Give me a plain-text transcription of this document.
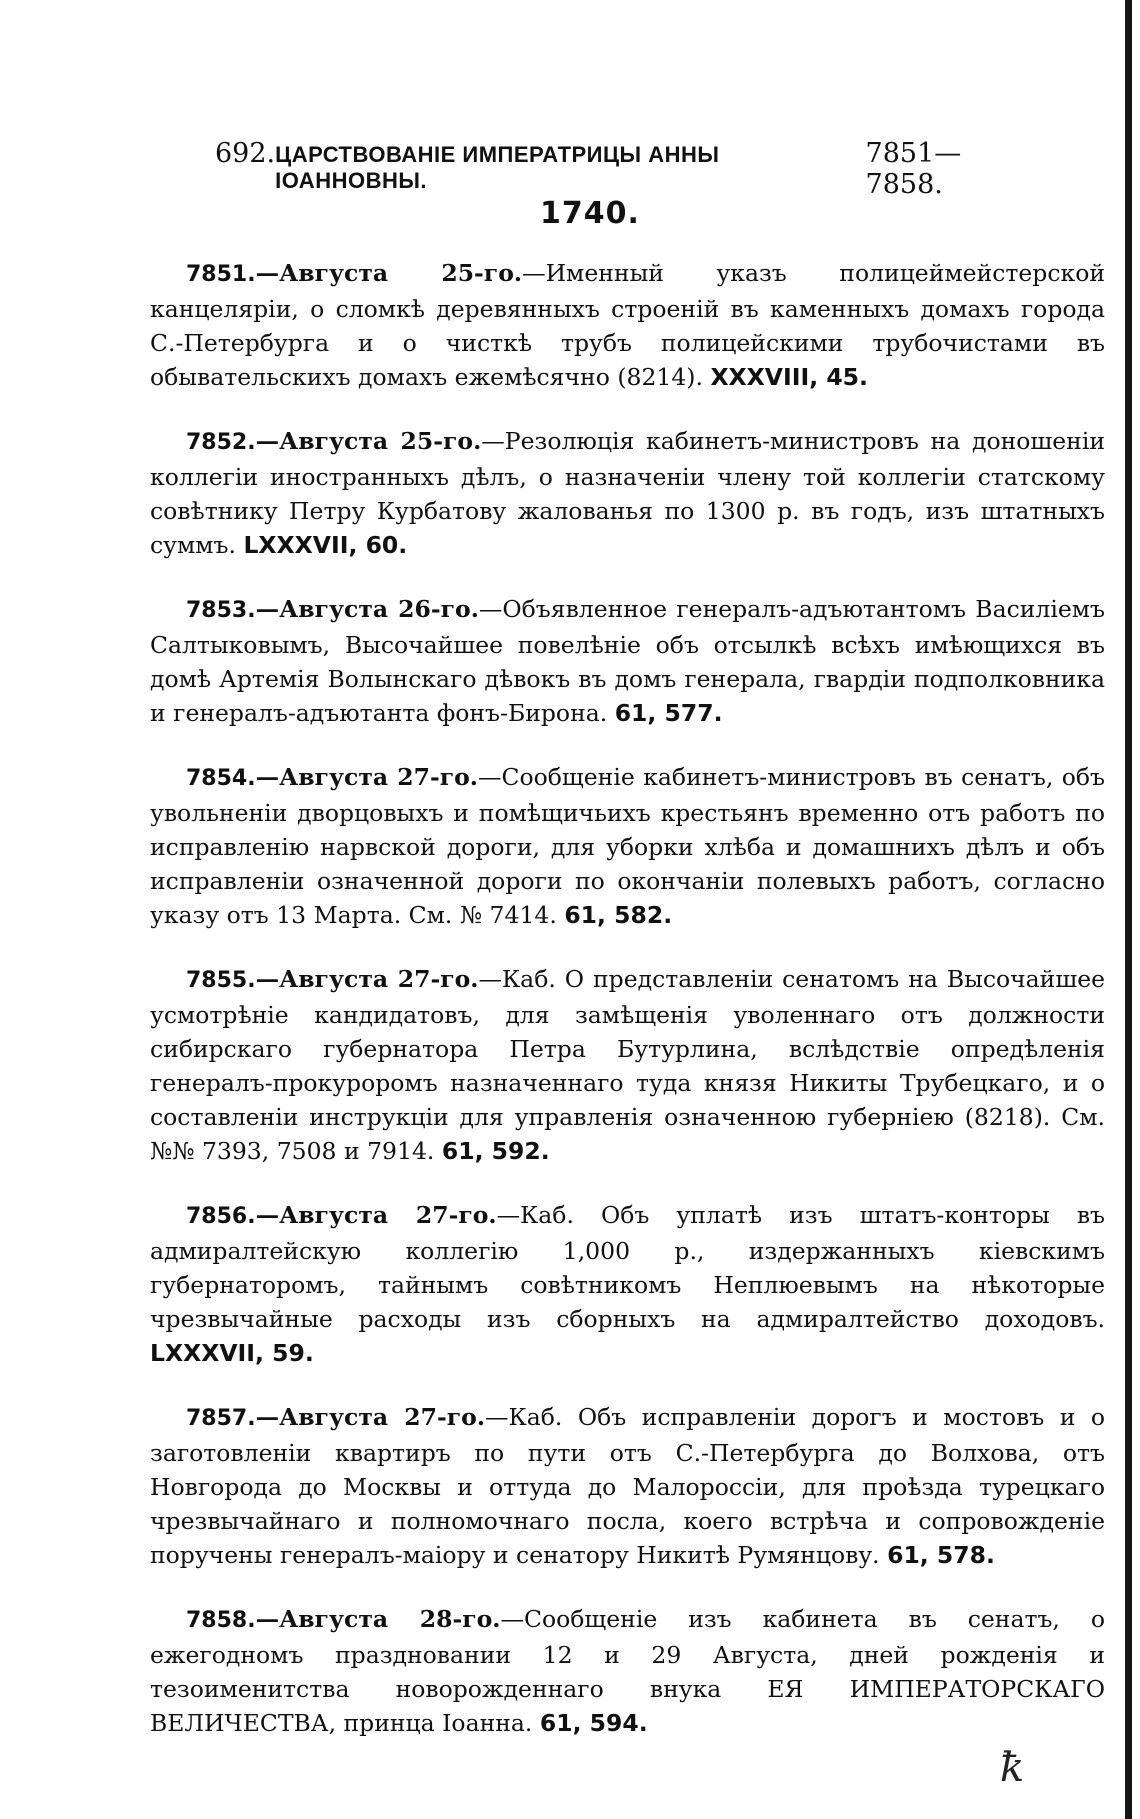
692. ЦАРСТВОВАНІЕ ИМПЕРАТРИЦЫ АННЫ ІОАННОВНЫ.
7851—7858.
1740.

7851.—Августа 25-го.—Именный указъ полицеймейстерской канцеляріи, о сломкѣ деревянныхъ строеній въ каменныхъ домахъ города С.-Петербурга и о чисткѣ трубъ полицейскими трубочистами въ обывательскихъ домахъ ежемѣсячно (8214). XXXVIII, 45.

7852.—Августа 25-го.—Резолюція кабинетъ-министровъ на доношеніи коллегіи иностранныхъ дѣлъ, о назначеніи члену той коллегіи статскому совѣтнику Петру Курбатову жалованья по 1300 р. въ годъ, изъ штатныхъ суммъ. LXXXVII, 60.

7853.—Августа 26-го.—Объявленное генералъ-адъютантомъ Василіемъ Салтыковымъ, Высочайшее повелѣніе объ отсылкѣ всѣхъ имѣющихся въ домѣ Артемія Волынскаго дѣвокъ въ домъ генерала, гвардіи подполковника и генералъ-адъютанта фонъ-Бирона. 61, 577.

7854.—Августа 27-го.—Сообщеніе кабинетъ-министровъ въ сенатъ, объ увольненіи дворцовыхъ и помѣщичьихъ крестьянъ временно отъ работъ по исправленію нарвской дороги, для уборки хлѣба и домашнихъ дѣлъ и объ исправленіи означенной дороги по окончаніи полевыхъ работъ, согласно указу отъ 13 Марта. См. № 7414. 61, 582.

7855.—Августа 27-го.—Каб. О представленіи сенатомъ на Высочайшее усмотрѣніе кандидатовъ, для замѣщенія уволеннаго отъ должности сибирскаго губернатора Петра Бутурлина, вслѣдствіе опредѣленія генералъ-прокуроромъ назначеннаго туда князя Никиты Трубецкаго, и о составленіи инструкціи для управленія означенною губерніею (8218). См. №№ 7393, 7508 и 7914. 61, 592.

7856.—Августа 27-го.—Каб. Объ уплатѣ изъ штатъ-конторы въ адмиралтейскую коллегію 1,000 р., издержанныхъ кіевскимъ губернаторомъ, тайнымъ совѣтникомъ Неплюевымъ на нѣкоторые чрезвычайные расходы изъ сборныхъ на адмиралтейство доходовъ. LXXXVII, 59.

7857.—Августа 27-го.—Каб. Объ исправленіи дорогъ и мостовъ и о заготовленіи квартиръ по пути отъ С.-Петербурга до Волхова, отъ Новгорода до Москвы и оттуда до Малороссіи, для проѣзда турецкаго чрезвычайнаго и полномочнаго посла, коего встрѣча и сопровожденіе поручены генералъ-маіору и сенатору Никитѣ Румянцову. 61, 578.

7858.—Августа 28-го.—Сообщеніе изъ кабинета въ сенатъ, о ежегодномъ праздновании 12 и 29 Августа, дней рожденія и тезоименитства новорожденнаго внука ЕЯ ИМПЕРАТОРСКАГО ВЕЛИЧЕСТВА, принца Іоанна. 61, 594.

ꝁ
